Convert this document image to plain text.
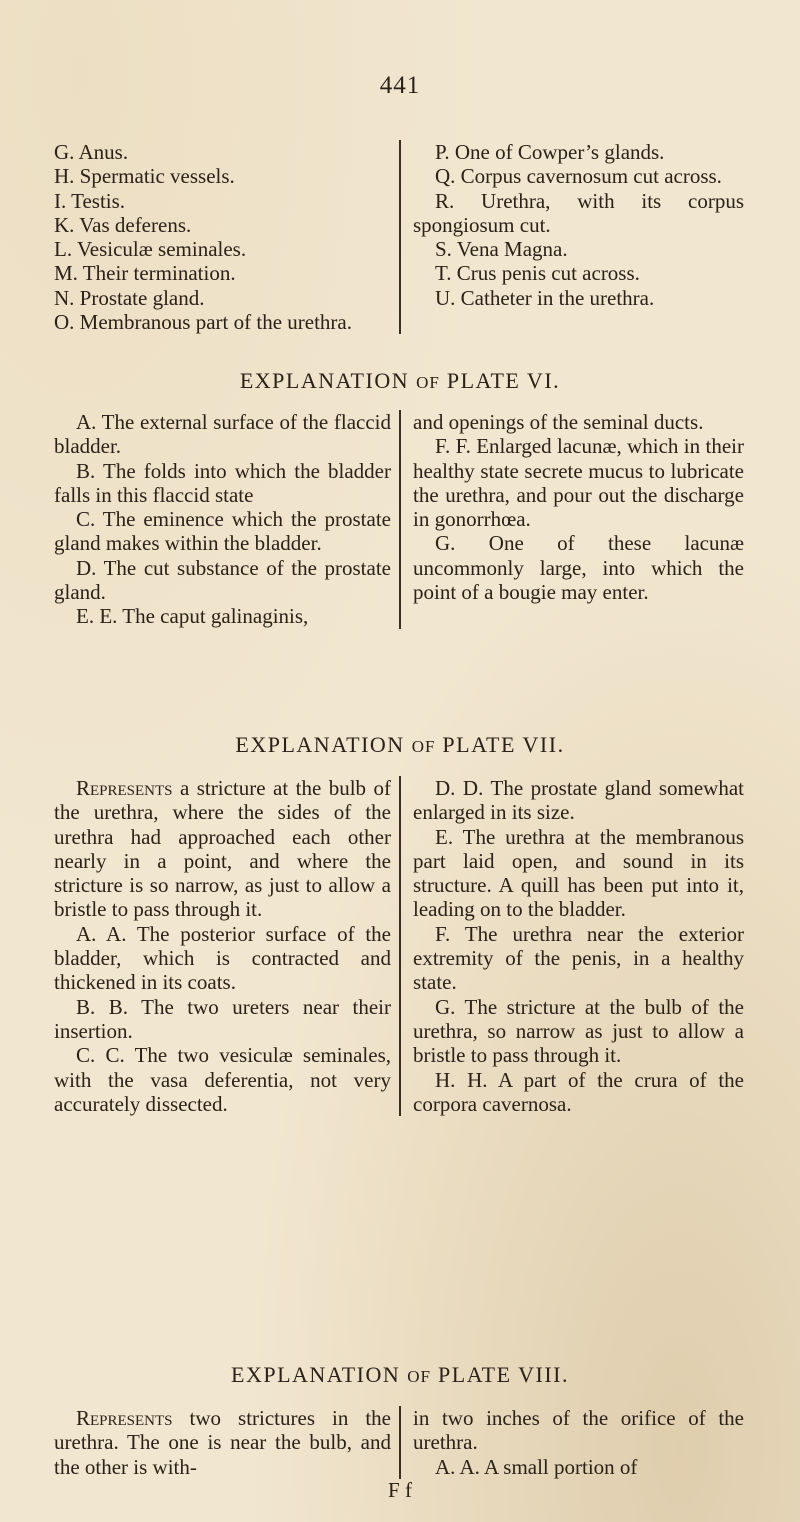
441

G. Anus.

H. Spermatic vessels.

I. Testis.

K. Vas deferens.

L. Vesiculæ seminales.

M. Their termination.

N. Prostate gland.

O. Membranous part of the urethra.

P. One of Cowper’s glands.

Q. Corpus cavernosum cut across.

R. Urethra, with its corpus spongiosum cut.

S. Vena Magna.

T. Crus penis cut across.

U. Catheter in the urethra.

EXPLANATION OF PLATE VI.

A. The external surface of the flaccid bladder.

B. The folds into which the bladder falls in this flaccid state

C. The eminence which the prostate gland makes within the bladder.

D. The cut substance of the prostate gland.

E. E. The caput galinaginis,

and openings of the seminal ducts.

F. F. Enlarged lacunæ, which in their healthy state secrete mucus to lubricate the urethra, and pour out the discharge in gonorrhœa.

G. One of these lacunæ uncommonly large, into which the point of a bougie may enter.

EXPLANATION OF PLATE VII.

Represents a stricture at the bulb of the urethra, where the sides of the urethra had approached each other nearly in a point, and where the stricture is so narrow, as just to allow a bristle to pass through it.

A. A. The posterior surface of the bladder, which is contracted and thickened in its coats.

B. B. The two ureters near their insertion.

C. C. The two vesiculæ seminales, with the vasa deferentia, not very accurately dissected.

D. D. The prostate gland somewhat enlarged in its size.

E. The urethra at the membranous part laid open, and sound in its structure. A quill has been put into it, leading on to the bladder.

F. The urethra near the exterior extremity of the penis, in a healthy state.

G. The stricture at the bulb of the urethra, so narrow as just to allow a bristle to pass through it.

H. H. A part of the crura of the corpora cavernosa.

EXPLANATION OF PLATE VIII.

Represents two strictures in the urethra. The one is near the bulb, and the other is with-

in two inches of the orifice of the urethra.

A. A. A small portion of

F f
